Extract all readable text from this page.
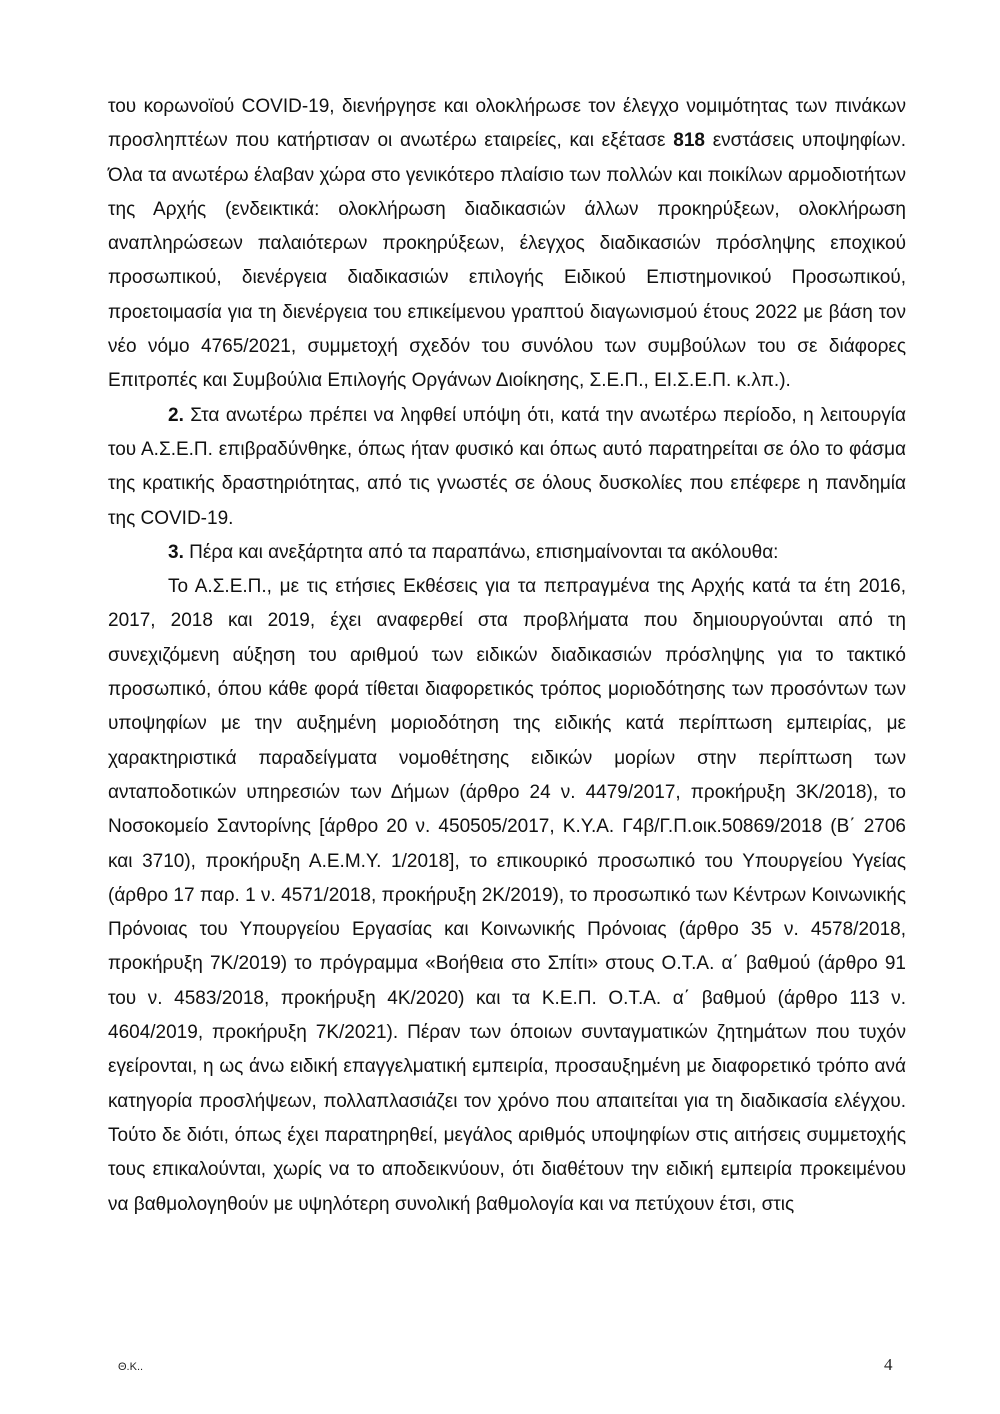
του κορωνοϊού COVID-19, διενήργησε και ολοκλήρωσε τον έλεγχο νομιμότητας των πινάκων προσληπτέων που κατήρτισαν οι ανωτέρω εταιρείες, και εξέτασε 818 ενστάσεις υποψηφίων. Όλα τα ανωτέρω έλαβαν χώρα στο γενικότερο πλαίσιο των πολλών και ποικίλων αρμοδιοτήτων της Αρχής (ενδεικτικά: ολοκλήρωση διαδικασιών άλλων προκηρύξεων, ολοκλήρωση αναπληρώσεων παλαιότερων προκηρύξεων, έλεγχος διαδικασιών πρόσληψης εποχικού προσωπικού, διενέργεια διαδικασιών επιλογής Ειδικού Επιστημονικού Προσωπικού, προετοιμασία για τη διενέργεια του επικείμενου γραπτού διαγωνισμού έτους 2022 με βάση τον νέο νόμο 4765/2021, συμμετοχή σχεδόν του συνόλου των συμβούλων του σε διάφορες Επιτροπές και Συμβούλια Επιλογής Οργάνων Διοίκησης, Σ.Ε.Π., ΕΙ.Σ.Ε.Π. κ.λπ.).

2. Στα ανωτέρω πρέπει να ληφθεί υπόψη ότι, κατά την ανωτέρω περίοδο, η λειτουργία του Α.Σ.Ε.Π. επιβραδύνθηκε, όπως ήταν φυσικό και όπως αυτό παρατηρείται σε όλο το φάσμα της κρατικής δραστηριότητας, από τις γνωστές σε όλους δυσκολίες που επέφερε η πανδημία της COVID-19.

3. Πέρα και ανεξάρτητα από τα παραπάνω, επισημαίνονται τα ακόλουθα:

Το Α.Σ.Ε.Π., με τις ετήσιες Εκθέσεις για τα πεπραγμένα της Αρχής κατά τα έτη 2016, 2017, 2018 και 2019, έχει αναφερθεί στα προβλήματα που δημιουργούνται από τη συνεχιζόμενη αύξηση του αριθμού των ειδικών διαδικασιών πρόσληψης για το τακτικό προσωπικό, όπου κάθε φορά τίθεται διαφορετικός τρόπος μοριοδότησης των προσόντων των υποψηφίων με την αυξημένη μοριοδότηση της ειδικής κατά περίπτωση εμπειρίας, με χαρακτηριστικά παραδείγματα νομοθέτησης ειδικών μορίων στην περίπτωση των ανταποδοτικών υπηρεσιών των Δήμων (άρθρο 24 ν. 4479/2017, προκήρυξη 3Κ/2018), το Νοσοκομείο Σαντορίνης [άρθρο 20 ν. 450505/2017, Κ.Υ.Α. Γ4β/Γ.Π.οικ.50869/2018 (Β΄ 2706 και 3710), προκήρυξη Α.Ε.Μ.Υ. 1/2018], το επικουρικό προσωπικό του Υπουργείου Υγείας (άρθρο 17 παρ. 1 ν. 4571/2018, προκήρυξη 2Κ/2019), το προσωπικό των Κέντρων Κοινωνικής Πρόνοιας του Υπουργείου Εργασίας και Κοινωνικής Πρόνοιας (άρθρο 35 ν. 4578/2018, προκήρυξη 7Κ/2019) το πρόγραμμα «Βοήθεια στο Σπίτι» στους Ο.Τ.Α. α΄ βαθμού (άρθρο 91 του ν. 4583/2018, προκήρυξη 4Κ/2020) και τα Κ.Ε.Π. Ο.Τ.Α. α΄ βαθμού (άρθρο 113 ν. 4604/2019, προκήρυξη 7Κ/2021). Πέραν των όποιων συνταγματικών ζητημάτων που τυχόν εγείρονται, η ως άνω ειδική επαγγελματική εμπειρία, προσαυξημένη με διαφορετικό τρόπο ανά κατηγορία προσλήψεων, πολλαπλασιάζει τον χρόνο που απαιτείται για τη διαδικασία ελέγχου. Τούτο δε διότι, όπως έχει παρατηρηθεί, μεγάλος αριθμός υποψηφίων στις αιτήσεις συμμετοχής τους επικαλούνται, χωρίς να το αποδεικνύουν, ότι διαθέτουν την ειδική εμπειρία προκειμένου να βαθμολογηθούν με υψηλότερη συνολική βαθμολογία και να πετύχουν έτσι, στις

Θ.Κ..	4
